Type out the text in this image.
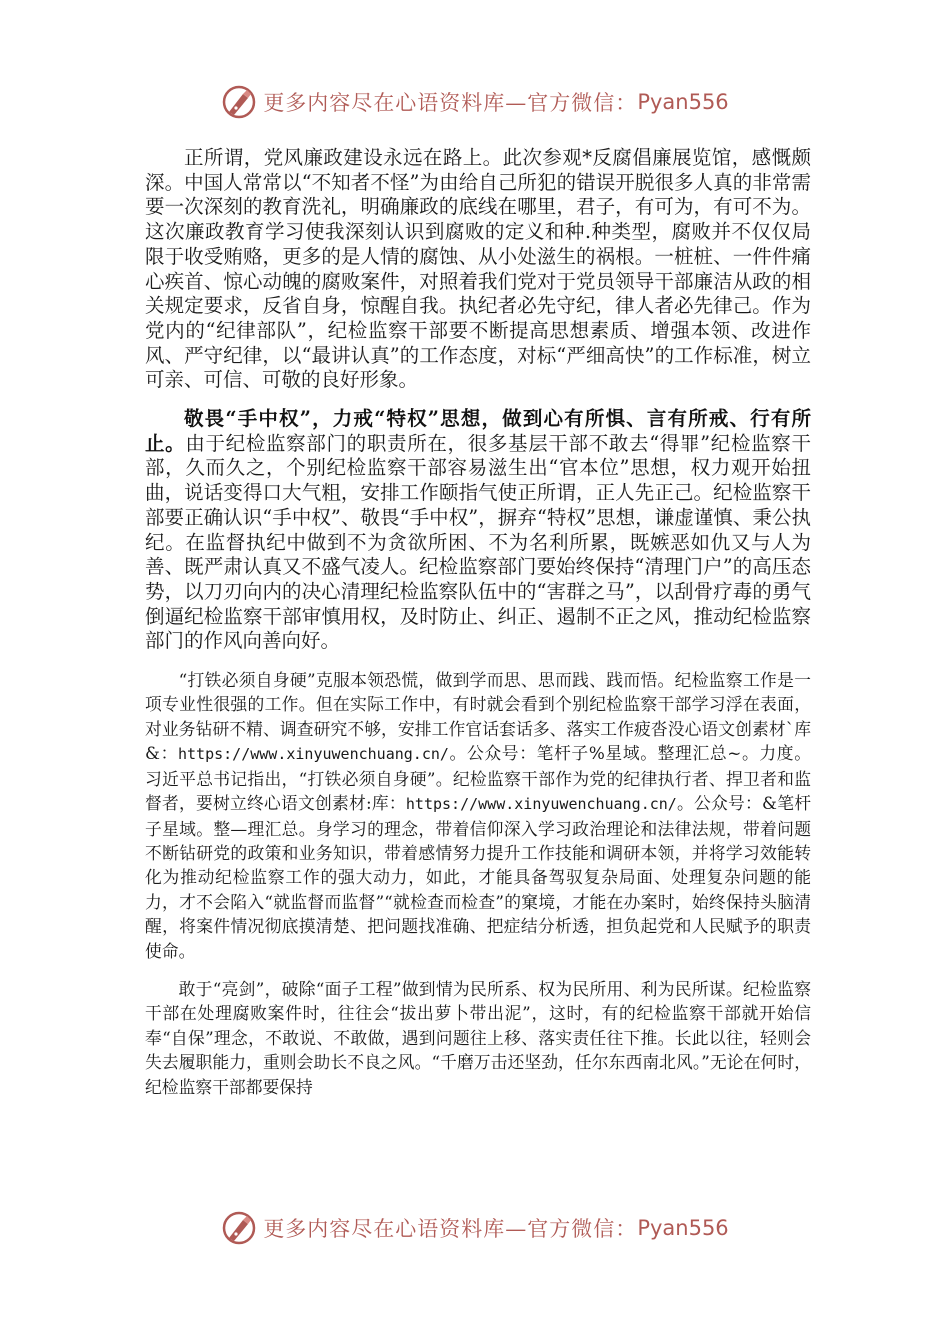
更多内容尽在心语资料库—官方微信： Pyan556

正所谓，党风廉政建设永远在路上。此次参观*反腐倡廉展览馆，感慨颇深。中国人常常以“不知者不怪”为由给自己所犯的错误开脱很多人真的非常需要一次深刻的教育洗礼，明确廉政的底线在哪里，君子，有可为，有可不为。这次廉政教育学习使我深刻认识到腐败的定义和种.种类型，腐败并不仅仅局限于收受贿赂，更多的是人情的腐蚀、从小处滋生的祸根。一桩桩、一件件痛心疾首、惊心动魄的腐败案件，对照着我们党对于党员领导干部廉洁从政的相关规定要求，反省自身，惊醒自我。执纪者必先守纪，律人者必先律己。作为党内的“纪律部队”，纪检监察干部要不断提高思想素质、增强本领、改进作风、严守纪律，以“最讲认真”的工作态度，对标“严细高快”的工作标准，树立可亲、可信、可敬的良好形象。

敬畏“手中权”，力戒“特权”思想，做到心有所惧、言有所戒、行有所止。由于纪检监察部门的职责所在，很多基层干部不敢去“得罪”纪检监察干部，久而久之，个别纪检监察干部容易滋生出“官本位”思想，权力观开始扭曲，说话变得口大气粗，安排工作颐指气使正所谓，正人先正己。纪检监察干部要正确认识“手中权”、敬畏“手中权”，摒弃“特权”思想，谦虚谨慎、秉公执纪。在监督执纪中做到不为贪欲所困、不为名利所累，既嫉恶如仇又与人为善、既严肃认真又不盛气凌人。纪检监察部门要始终保持“清理门户”的高压态势，以刀刃向内的决心清理纪检监察队伍中的“害群之马”，以刮骨疗毒的勇气倒逼纪检监察干部审慎用权，及时防止、纠正、遏制不正之风，推动纪检监察部门的作风向善向好。

“打铁必须自身硬”克服本领恐慌，做到学而思、思而践、践而悟。纪检监察工作是一项专业性很强的工作。但在实际工作中，有时就会看到个别纪检监察干部学习浮在表面，对业务钻研不精、调查研究不够，安排工作官话套话多、落实工作疲沓没心语文创素材`库&：https://www.xinyuwenchuang.cn/。公众号：笔杆子%星域。整理汇总~。力度。习近平总书记指出，“打铁必须自身硬”。纪检监察干部作为党的纪律执行者、捍卫者和监督者，要树立终心语文创素材:库：https://www.xinyuwenchuang.cn/。公众号：&笔杆子星域。整—理汇总。身学习的理念，带着信仰深入学习政治理论和法律法规，带着问题不断钻研党的政策和业务知识，带着感情努力提升工作技能和调研本领，并将学习效能转化为推动纪检监察工作的强大动力，如此，才能具备驾驭复杂局面、处理复杂问题的能力，才不会陷入“就监督而监督”“就检查而检查”的窠境，才能在办案时，始终保持头脑清醒，将案件情况彻底摸清楚、把问题找准确、把症结分析透，担负起党和人民赋予的职责使命。

敢于“亮剑”，破除“面子工程”做到情为民所系、权为民所用、利为民所谋。纪检监察干部在处理腐败案件时，往往会“拔出萝卜带出泥”，这时，有的纪检监察干部就开始信奉“自保”理念，不敢说、不敢做，遇到问题往上移、落实责任往下推。长此以往，轻则会失去履职能力，重则会助长不良之风。“千磨万击还坚劲，任尔东西南北风。”无论在何时，纪检监察干部都要保持

更多内容尽在心语资料库—官方微信： Pyan556
